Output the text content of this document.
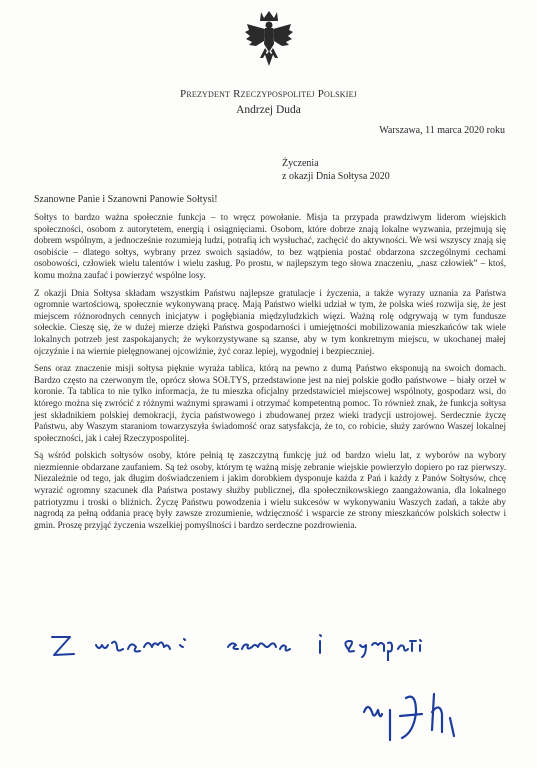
Prezydent Rzeczypospolitej Polskiej
Andrzej Duda
Warszawa, 11 marca 2020 roku
Życzenia
z okazji Dnia Sołtysa 2020
Szanowne Panie i Szanowni Panowie Sołtysi!

Sołtys to bardzo ważna społecznie funkcja – to wręcz powołanie. Misja ta przypada prawdziwym liderom wiejskich społeczności, osobom z autorytetem, energią i osiągnięciami. Osobom, które dobrze znają lokalne wyzwania, przejmują się dobrem wspólnym, a jednocześnie rozumieją ludzi, potrafią ich wysłuchać, zachęcić do aktywności. We wsi wszyscy znają się osobiście – dlatego sołtys, wybrany przez swoich sąsiadów, to bez wątpienia postać obdarzona szczególnymi cechami osobowości, człowiek wielu talentów i wielu zasług. Po prostu, w najlepszym tego słowa znaczeniu, „nasz człowiek” – ktoś, komu można zaufać i powierzyć wspólne losy.

Z okazji Dnia Sołtysa składam wszystkim Państwu najlepsze gratulacje i życzenia, a także wyrazy uznania za Państwa ogromnie wartościową, społecznie wykonywaną pracę. Mają Państwo wielki udział w tym, że polska wieś rozwija się, że jest miejscem różnorodnych cennych inicjatyw i pogłębiania międzyludzkich więzi. Ważną rolę odgrywają w tym fundusze sołeckie. Cieszę się, że w dużej mierze dzięki Państwa gospodarności i umiejętności mobilizowania mieszkańców tak wiele lokalnych potrzeb jest zaspokajanych; że wykorzystywane są szanse, aby w tym konkretnym miejscu, w ukochanej małej ojczyźnie i na wiernie pielęgnowanej ojcowiźnie, żyć coraz lepiej, wygodniej i bezpieczniej.

Sens oraz znaczenie misji sołtysa pięknie wyraża tablica, którą na pewno z dumą Państwo eksponują na swoich domach. Bardzo często na czerwonym tle, oprócz słowa SOŁTYS, przedstawione jest na niej polskie godło państwowe – biały orzeł w koronie. Ta tablica to nie tylko informacja, że tu mieszka oficjalny przedstawiciel miejscowej wspólnoty, gospodarz wsi, do którego można się zwrócić z różnymi ważnymi sprawami i otrzymać kompetentną pomoc. To również znak, że funkcja sołtysa jest składnikiem polskiej demokracji, życia państwowego i zbudowanej przez wieki tradycji ustrojowej. Serdecznie życzę Państwu, aby Waszym staraniom towarzyszyła świadomość oraz satysfakcja, że to, co robicie, służy zarówno Waszej lokalnej społeczności, jak i całej Rzeczypospolitej.

Są wśród polskich sołtysów osoby, które pełnią tę zaszczytną funkcję już od bardzo wielu lat, z wyborów na wybory niezmiennie obdarzane zaufaniem. Są też osoby, którym tę ważną misję zebranie wiejskie powierzyło dopiero po raz pierwszy. Niezależnie od tego, jak długim doświadczeniem i jakim dorobkiem dysponuje każda z Pań i każdy z Panów Sołtysów, chcę wyrazić ogromny szacunek dla Państwa postawy służby publicznej, dla społecznikowskiego zaangażowania, dla lokalnego patriotyzmu i troski o bliźnich. Życzę Państwu powodzenia i wielu sukcesów w wykonywaniu Waszych zadań, a także aby nagrodą za pełną oddania pracę były zawsze zrozumienie, wdzięczność i wsparcie ze strony mieszkańców polskich sołectw i gmin. Proszę przyjąć życzenia wszelkiej pomyślności i bardzo serdeczne pozdrowienia.
